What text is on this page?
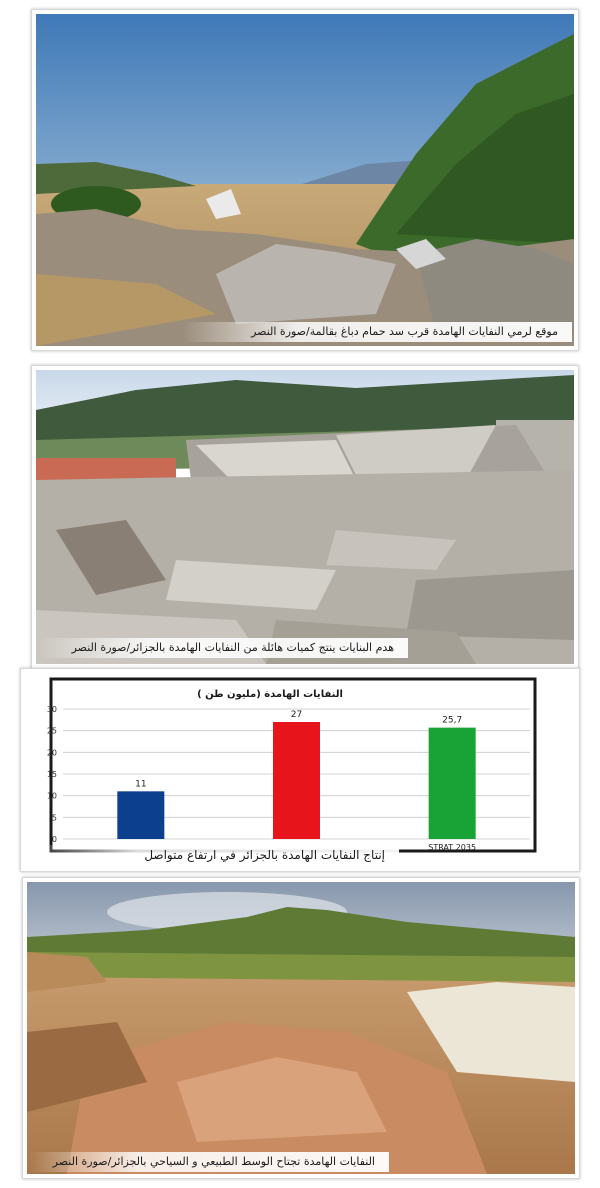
موقع لرمي النفايات الهامدة قرب سد حمام دباغ بقالمة/صورة النصر
هدم البنايات ينتج كميات هائلة من النفايات الهامدة بالجزائر/صورة النصر
النفايات الهامدة (مليون طن )
0
5
10
15
20
25
30
11
27
25,7
STRAT 2035
إنتاج النفايات الهامدة بالجزائر في ارتفاع متواصل
النفايات الهامدة تجتاح الوسط الطبيعي و السياحي بالجزائر/صورة النصر
